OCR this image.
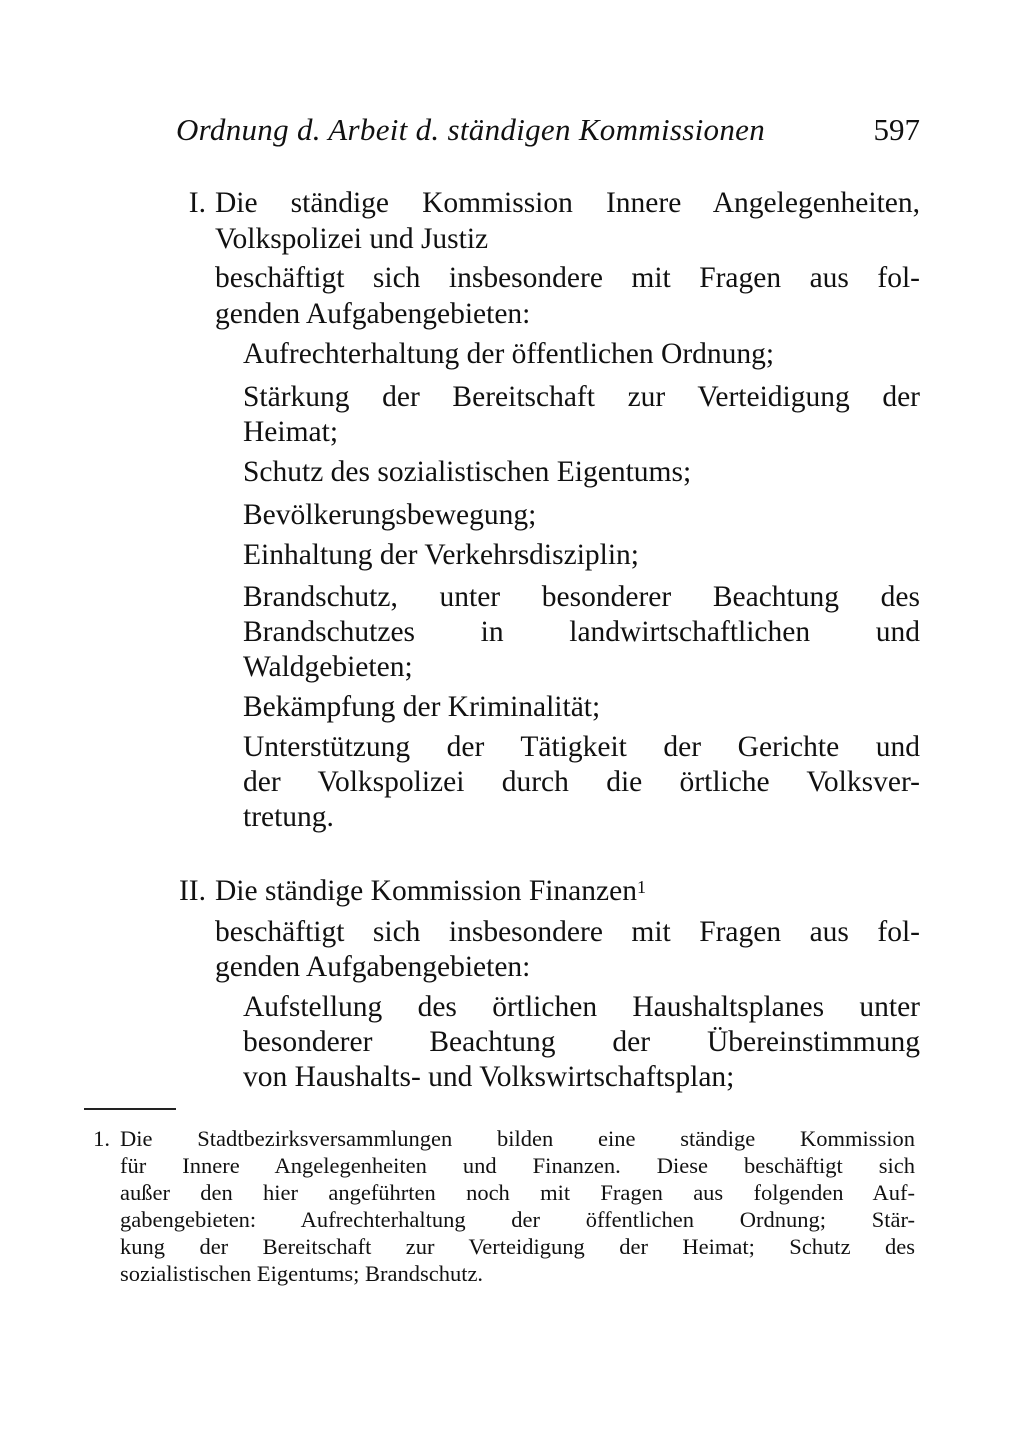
Ordnung d. Arbeit d. ständigen Kommissionen	597
I. Die ständige Kommission Innere Angelegenheiten,
Volkspolizei und Justiz
beschäftigt sich insbesondere mit Fragen aus fol-
genden Aufgabengebieten:
Aufrechterhaltung der öffentlichen Ordnung;
Stärkung der Bereitschaft zur Verteidigung der
Heimat;
Schutz des sozialistischen Eigentums;
Bevölkerungsbewegung;
Einhaltung der Verkehrsdisziplin;
Brandschutz, unter besonderer Beachtung des
Brandschutzes in landwirtschaftlichen und
Waldgebieten;
Bekämpfung der Kriminalität;
Unterstützung der Tätigkeit der Gerichte und
der Volkspolizei durch die örtliche Volksver-
tretung.
II. Die ständige Kommission Finanzen$^1$
beschäftigt sich insbesondere mit Fragen aus fol-
genden Aufgabengebieten:
Aufstellung des örtlichen Haushaltsplanes unter
besonderer Beachtung der Übereinstimmung
von Haushalts- und Volkswirtschaftsplan;
1. Die Stadtbezirksversammlungen bilden eine ständige Kommission
für Innere Angelegenheiten und Finanzen. Diese beschäftigt sich
außer den hier angeführten noch mit Fragen aus folgenden Auf-
gabengebieten: Aufrechterhaltung der öffentlichen Ordnung; Stär-
kung der Bereitschaft zur Verteidigung der Heimat; Schutz des
sozialistischen Eigentums; Brandschutz.
